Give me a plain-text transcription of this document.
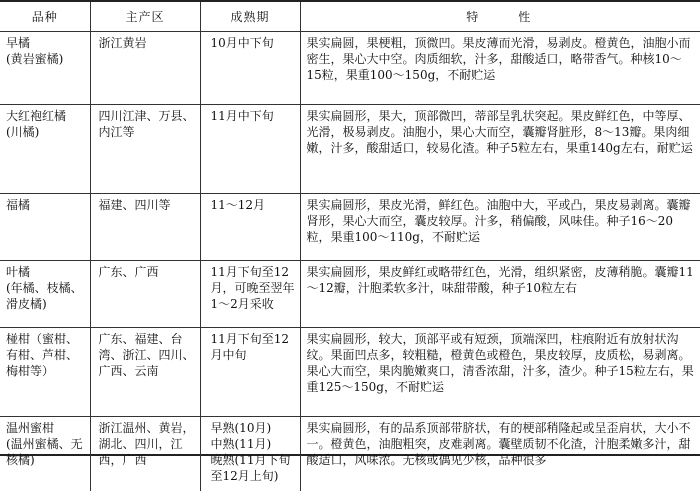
品种	主产区	成熟期	特性
早橘
(黄岩蜜橘)	浙江黄岩	10月中下旬	果实扁圆，果梗粗，顶微凹。果皮薄而光滑，易剥皮。橙黄色，油胞小而密生，果心大中空。肉质细软，汁多，甜酸适口，略带香气。种核10～15粒，果重100～150g，不耐贮运
大红袍红橘
(川橘)	四川江津、万县、内江等	11月中下旬	果实扁圆形，果大，顶部微凹，蒂部呈乳状突起。果皮鲜红色，中等厚、光滑，极易剥皮。油胞小，果心大而空，囊瓣肾脏形，8～13瓣。果肉细嫩，汁多，酸甜适口，较易化渣。种子5粒左右，果重140g左右，耐贮运
福橘	福建、四川等	11～12月	果实扁圆形，果皮光滑，鲜红色。油胞中大，平或凸，果皮易剥离。囊瓣肾形，果心大而空，囊皮较厚。汁多，稍偏酸，风味佳。种子16～20粒，果重100～110g，不耐贮运
叶橘
(年橘、枝橘、滑皮橘)	广东、广西	11月下旬至12月，可晚至翌年1～2月采收	果实扁圆形，果皮鲜红或略带红色，光滑，组织紧密，皮薄稍脆。囊瓣11～12瓣，汁胞柔软多汁，味甜带酸，种子10粒左右
椪柑（蜜柑、有柑、芦柑、梅柑等）	广东、福建、台湾、浙江、四川、广西、云南	11月下旬至12月中旬	果实扁圆形，较大，顶部平或有短颈，顶端深凹，柱痕附近有放射状沟纹。果面凹点多，较粗糙，橙黄色或橙色，果皮较厚，皮质松，易剥离。果心大而空，果肉脆嫩爽口，清香浓甜，汁多，渣少。种子15粒左右，果重125～150g，不耐贮运
温州蜜柑
(温州蜜橘、无核橘)	浙江温州、黄岩，湖北、四川，江西，广西	早熟(10月)
中熟(11月)
晚熟(11月下旬至12月上旬)	果实扁圆形，有的品系顶部带脐状，有的梗部稍隆起或呈歪肩状，大小不一。橙黄色，油胞粗突，皮难剥离。囊壁质韧不化渣，汁胞柔嫩多汁，甜酸适口，风味浓。无核或偶见少核，品种很多
